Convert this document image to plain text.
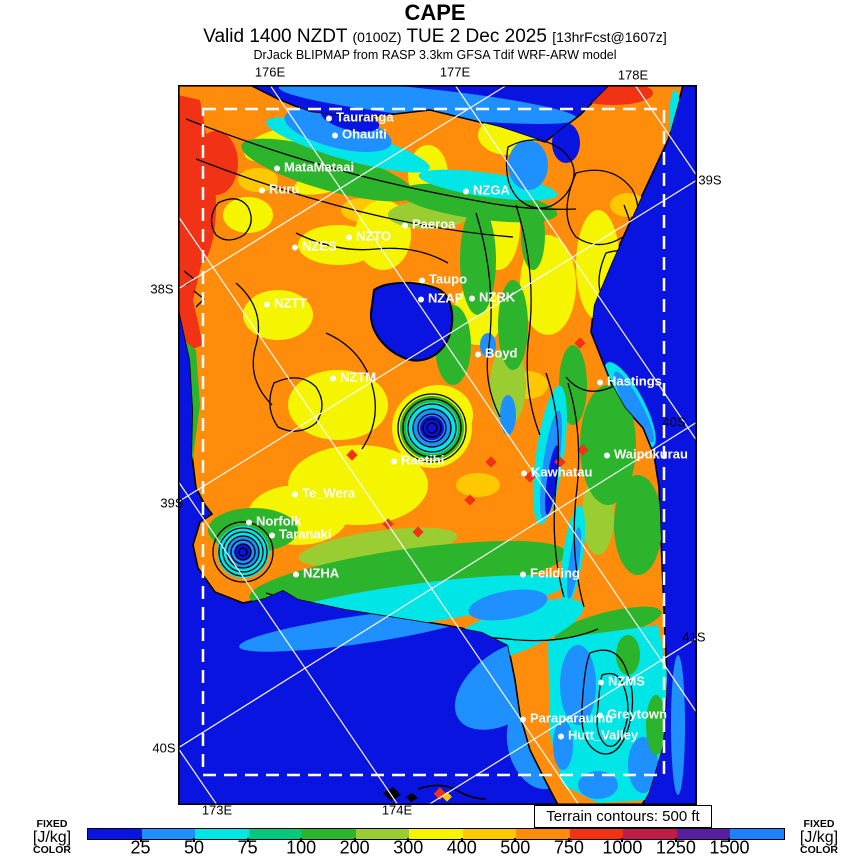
CAPE
Valid 1400 NZDT (0100Z) TUE 2 Dec 2025 [13hrFcst@1607z]
DrJack BLIPMAP from RASP 3.3km GFSA Tdif WRF-ARW model
Tauranga
Ohauiti
MataMataai
Ruru	NZGA
Paeroa
NZTO
NZES
Taupo
NZAP	NZRK
NZTT
Boyd
NZTM	Hastings
Waipukurau
Kawhatau
Raetihi
Te_Wera
Norfolk
Taranaki
NZHA	Feilding
NZMS
Greytown
Paraparaumu
Hutt_Valley
176E	177E	178E
173E	174E
38S
39S
40S
39S
40S
41S
Terrain contours: 500 ft
FIXED
[J/kg]
COLOR
FIXED
[J/kg]
COLOR
25 50 75 100 200 300 400 500 750 1000 1250 1500
